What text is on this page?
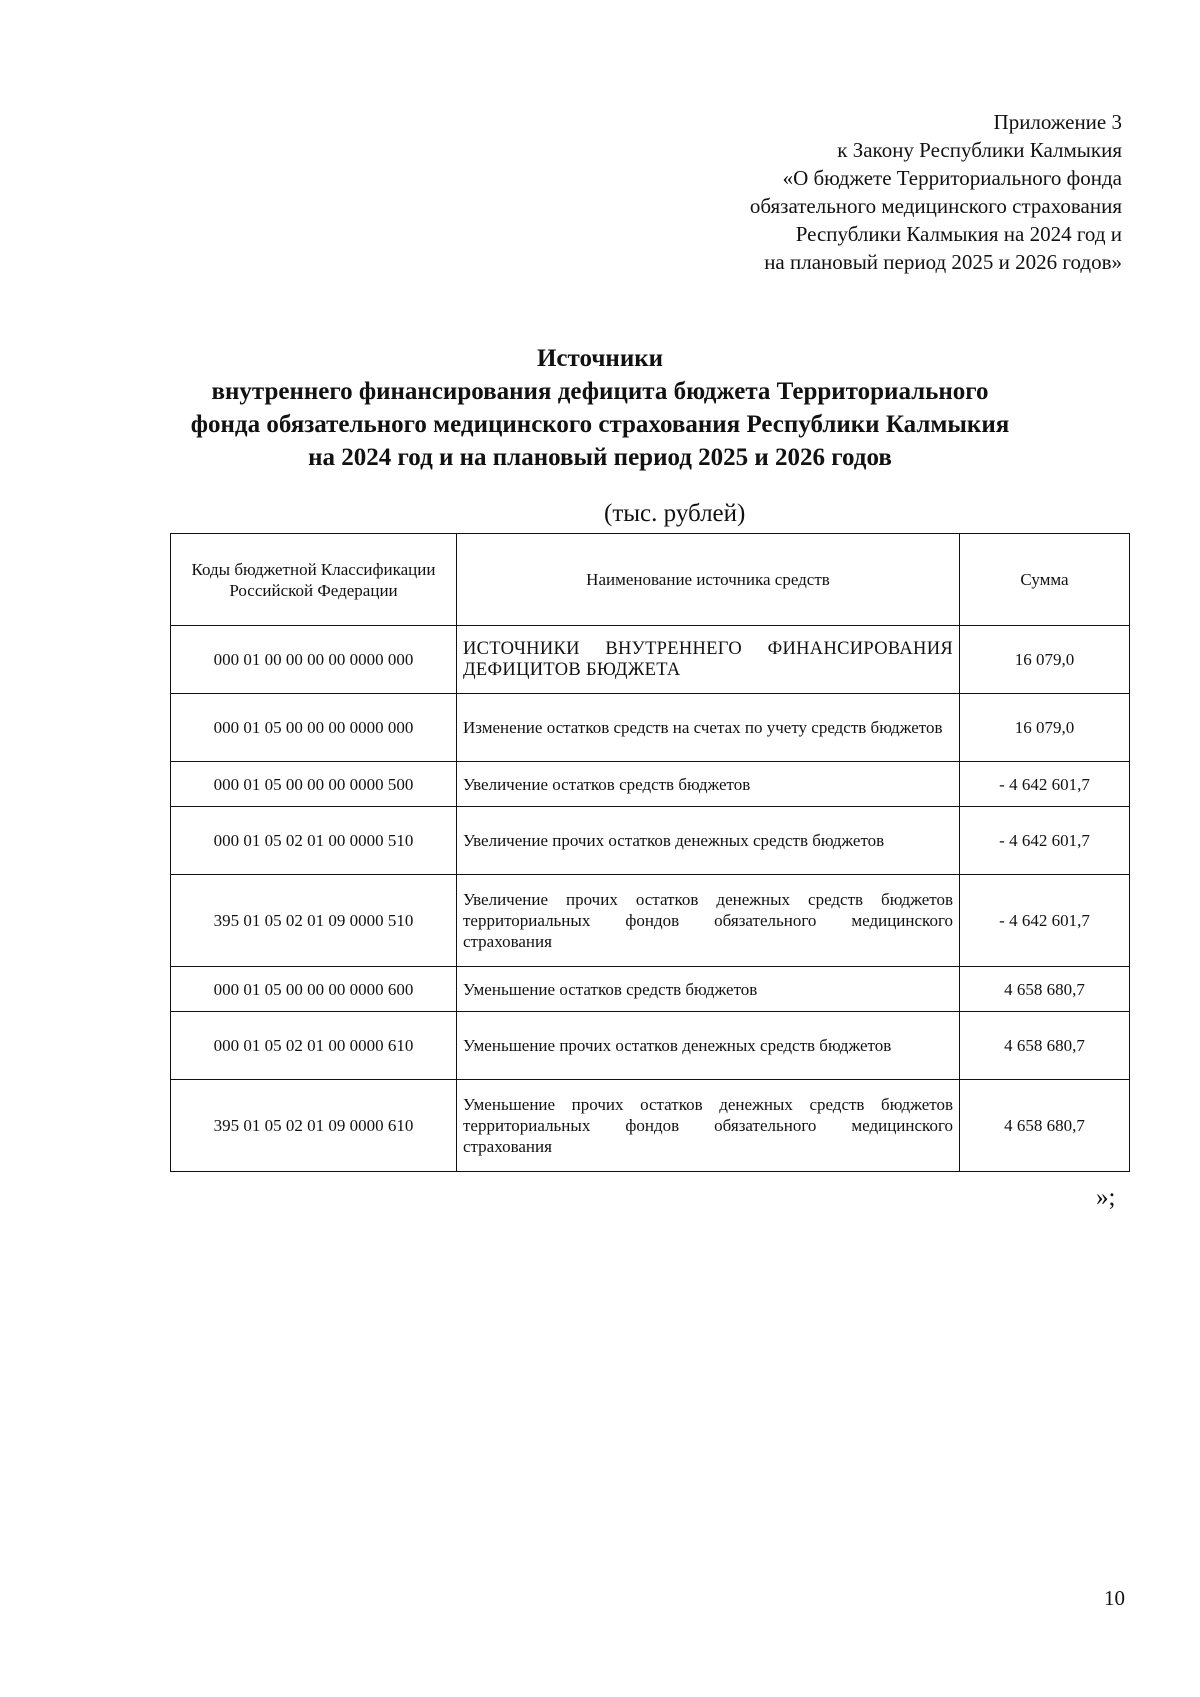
Приложение 3
к Закону Республики Калмыкия
«О бюджете Территориального фонда
обязательного медицинского страхования
Республики Калмыкия на 2024 год и
на плановый период 2025 и 2026 годов»
Источники
внутреннего финансирования дефицита бюджета Территориального
фонда обязательного медицинского страхования Республики Калмыкия
на 2024 год и на плановый период 2025 и 2026 годов
(тыс. рублей)
Коды бюджетной Классификации Российской Федерации	Наименование источника средств	Сумма
000 01 00 00 00 00 0000 000	ИСТОЧНИКИ ВНУТРЕННЕГО ФИНАНСИРОВАНИЯ ДЕФИЦИТОВ БЮДЖЕТА	16 079,0
000 01 05 00 00 00 0000 000	Изменение остатков средств на счетах по учету средств бюджетов	16 079,0
000 01 05 00 00 00 0000 500	Увеличение остатков средств бюджетов	- 4 642 601,7
000 01 05 02 01 00 0000 510	Увеличение прочих остатков денежных средств бюджетов	- 4 642 601,7
395 01 05 02 01 09 0000 510	Увеличение прочих остатков денежных средств бюджетов территориальных фондов обязательного медицинского страхования	- 4 642 601,7
000 01 05 00 00 00 0000 600	Уменьшение остатков средств бюджетов	4 658 680,7
000 01 05 02 01 00 0000 610	Уменьшение прочих остатков денежных средств бюджетов	4 658 680,7
395 01 05 02 01 09 0000 610	Уменьшение прочих остатков денежных средств бюджетов территориальных фондов обязательного медицинского страхования	4 658 680,7
»;
10
